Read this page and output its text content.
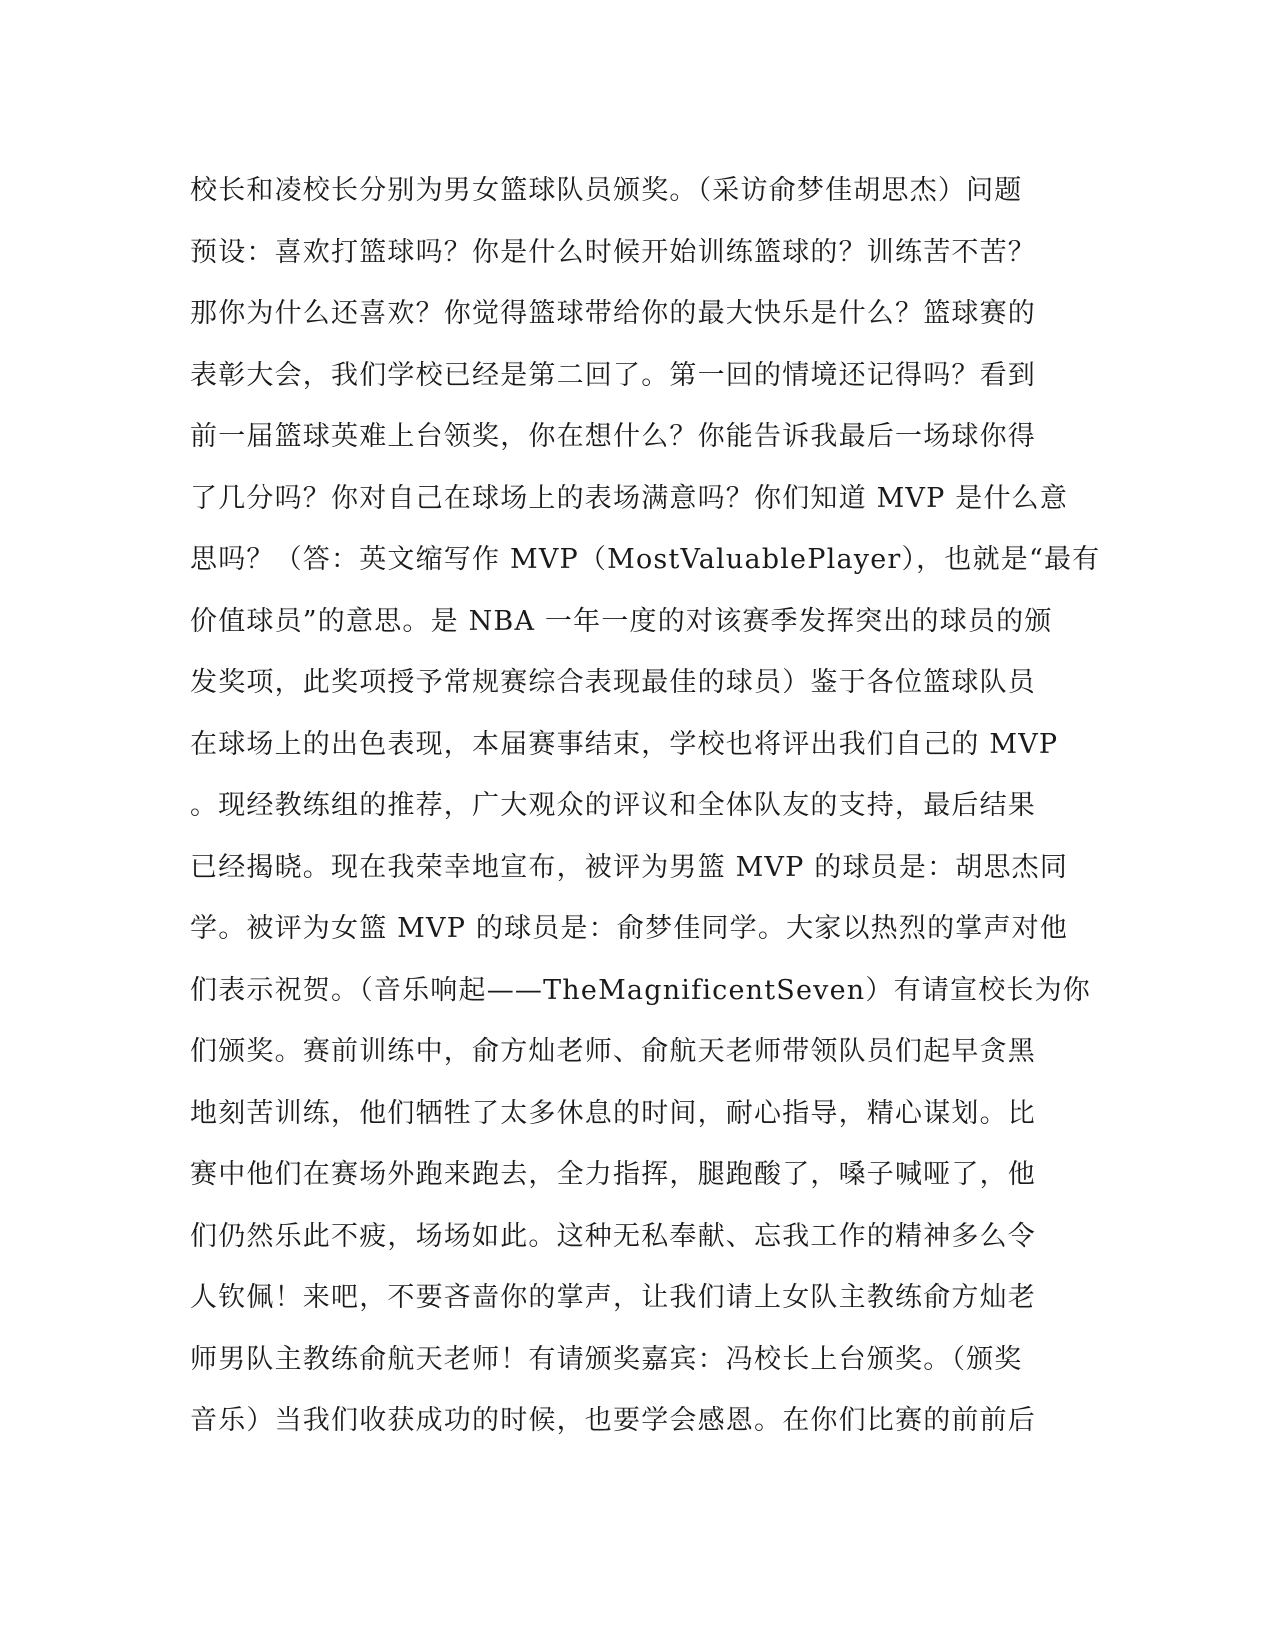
校长和凌校长分别为男女篮球队员颁奖。（采访俞梦佳胡思杰）问题
预设：喜欢打篮球吗？你是什么时候开始训练篮球的？训练苦不苦？
那你为什么还喜欢？你觉得篮球带给你的最大快乐是什么？篮球赛的
表彰大会，我们学校已经是第二回了。第一回的情境还记得吗？看到
前一届篮球英难上台领奖，你在想什么？你能告诉我最后一场球你得
了几分吗？你对自己在球场上的表场满意吗？你们知道 MVP 是什么意
思吗？（答：英文缩写作 MVP（MostValuablePlayer），也就是“最有
价值球员”的意思。是 NBA 一年一度的对该赛季发挥突出的球员的颁
发奖项，此奖项授予常规赛综合表现最佳的球员）鉴于各位篮球队员
在球场上的出色表现，本届赛事结束，学校也将评出我们自己的 MVP
。现经教练组的推荐，广大观众的评议和全体队友的支持，最后结果
已经揭晓。现在我荣幸地宣布，被评为男篮 MVP 的球员是：胡思杰同
学。被评为女篮 MVP 的球员是：俞梦佳同学。大家以热烈的掌声对他
们表示祝贺。（音乐响起——TheMagnificentSeven）有请宣校长为你
们颁奖。赛前训练中，俞方灿老师、俞航天老师带领队员们起早贪黑
地刻苦训练，他们牺牲了太多休息的时间，耐心指导，精心谋划。比
赛中他们在赛场外跑来跑去，全力指挥，腿跑酸了，嗓子喊哑了，他
们仍然乐此不疲，场场如此。这种无私奉献、忘我工作的精神多么令
人钦佩！来吧，不要吝啬你的掌声，让我们请上女队主教练俞方灿老
师男队主教练俞航天老师！有请颁奖嘉宾：冯校长上台颁奖。（颁奖
音乐）当我们收获成功的时候，也要学会感恩。在你们比赛的前前后
